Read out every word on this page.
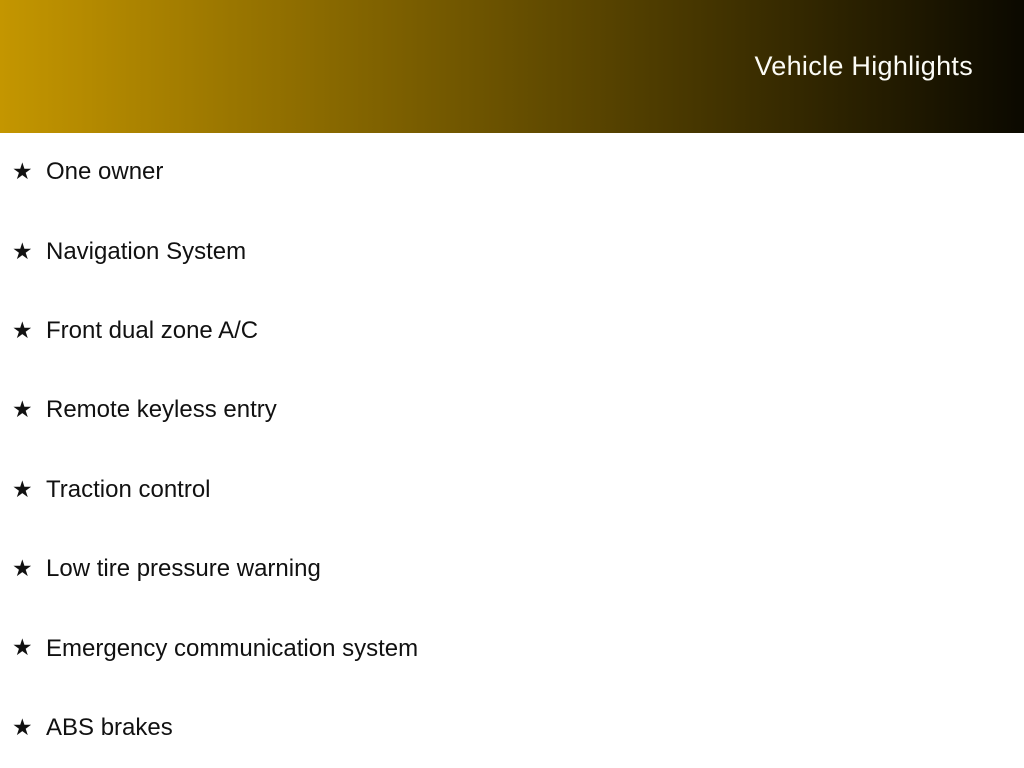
Vehicle Highlights
★ One owner
★ Navigation System
★ Front dual zone A/C
★ Remote keyless entry
★ Traction control
★ Low tire pressure warning
★ Emergency communication system
★ ABS brakes
